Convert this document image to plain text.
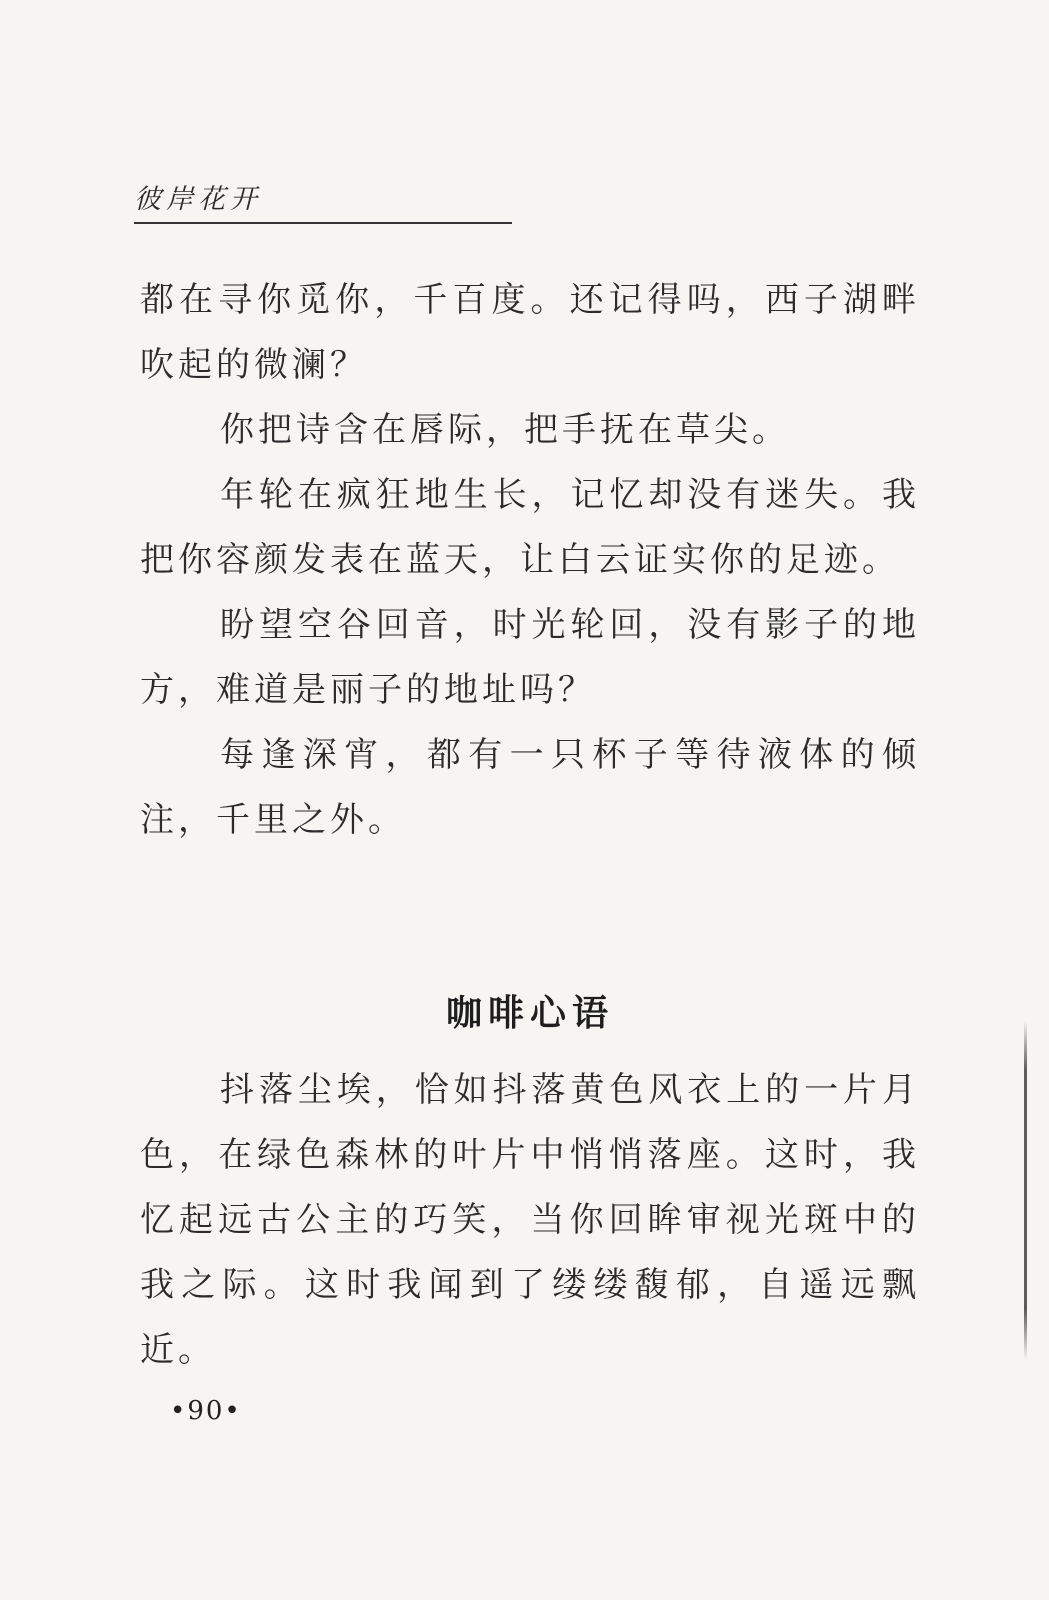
彼岸花开

都在寻你觅你，千百度。还记得吗，西子湖畔吹起的微澜？

你把诗含在唇际，把手抚在草尖。

年轮在疯狂地生长，记忆却没有迷失。我把你容颜发表在蓝天，让白云证实你的足迹。

盼望空谷回音，时光轮回，没有影子的地方，难道是丽子的地址吗？

每逢深宵，都有一只杯子等待液体的倾注，千里之外。

咖啡心语

抖落尘埃，恰如抖落黄色风衣上的一片月色，在绿色森林的叶片中悄悄落座。这时，我忆起远古公主的巧笑，当你回眸审视光斑中的我之际。这时我闻到了缕缕馥郁，自遥远飘近。

•90•
